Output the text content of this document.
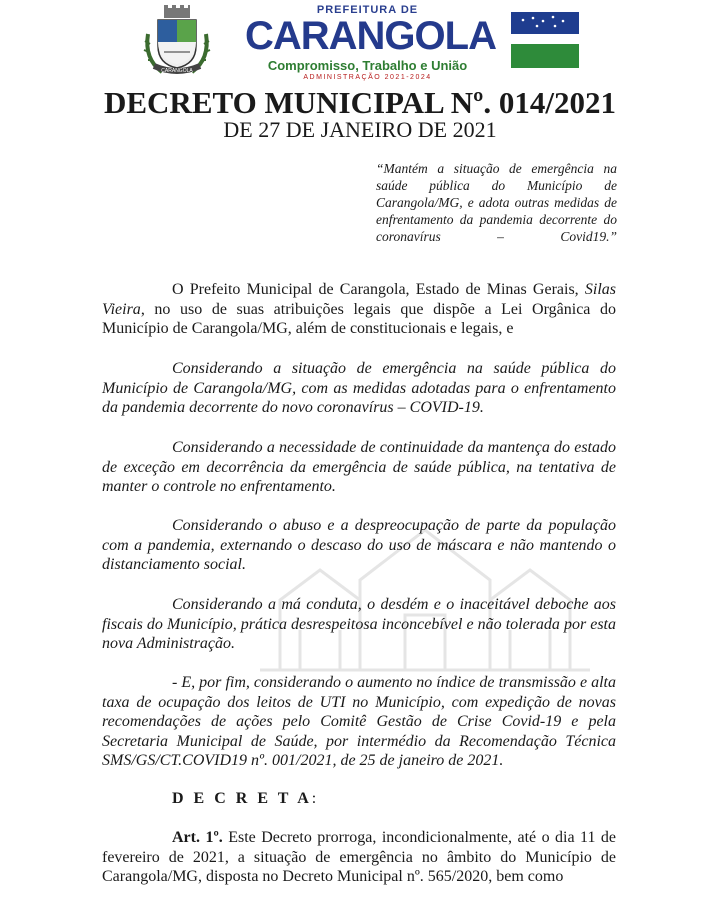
CARANGOLA
PREFEITURA DE
CARANGOLA
Compromisso, Trabalho e União
ADMINISTRAÇÃO 2021-2024
DECRETO MUNICIPAL Nº. 014/2021
DE 27 DE JANEIRO DE 2021
“Mantém a situação de emergência na saúde pública do Município de Carangola/MG, e adota outras medidas de enfrentamento da pandemia decorrente do coronavírus – Covid19.”
O Prefeito Municipal de Carangola, Estado de Minas Gerais, Silas Vieira, no uso de suas atribuições legais que dispõe a Lei Orgânica do Município de Carangola/MG, além de constitucionais e legais, e
Considerando a situação de emergência na saúde pública do Município de Carangola/MG, com as medidas adotadas para o enfrentamento da pandemia decorrente do novo coronavírus – COVID-19.
Considerando a necessidade de continuidade da mantença do estado de exceção em decorrência da emergência de saúde pública, na tentativa de manter o controle no enfrentamento.
Considerando o abuso e a despreocupação de parte da população com a pandemia, externando o descaso do uso de máscara e não mantendo o distanciamento social.
Considerando a má conduta, o desdém e o inaceitável deboche aos fiscais do Município, prática desrespeitosa inconcebível e não tolerada por esta nova Administração.
- E, por fim, considerando o aumento no índice de transmissão e alta taxa de ocupação dos leitos de UTI no Município, com expedição de novas recomendações de ações pelo Comitê Gestão de Crise Covid-19 e pela Secretaria Municipal de Saúde, por intermédio da Recomendação Técnica SMS/GS/CT.COVID19 nº. 001/2021, de 25 de janeiro de 2021.
D E C R E T A:
Art. 1º. Este Decreto prorroga, incondicionalmente, até o dia 11 de fevereiro de 2021, a situação de emergência no âmbito do Município de Carangola/MG, disposta no Decreto Municipal nº. 565/2020, bem como
